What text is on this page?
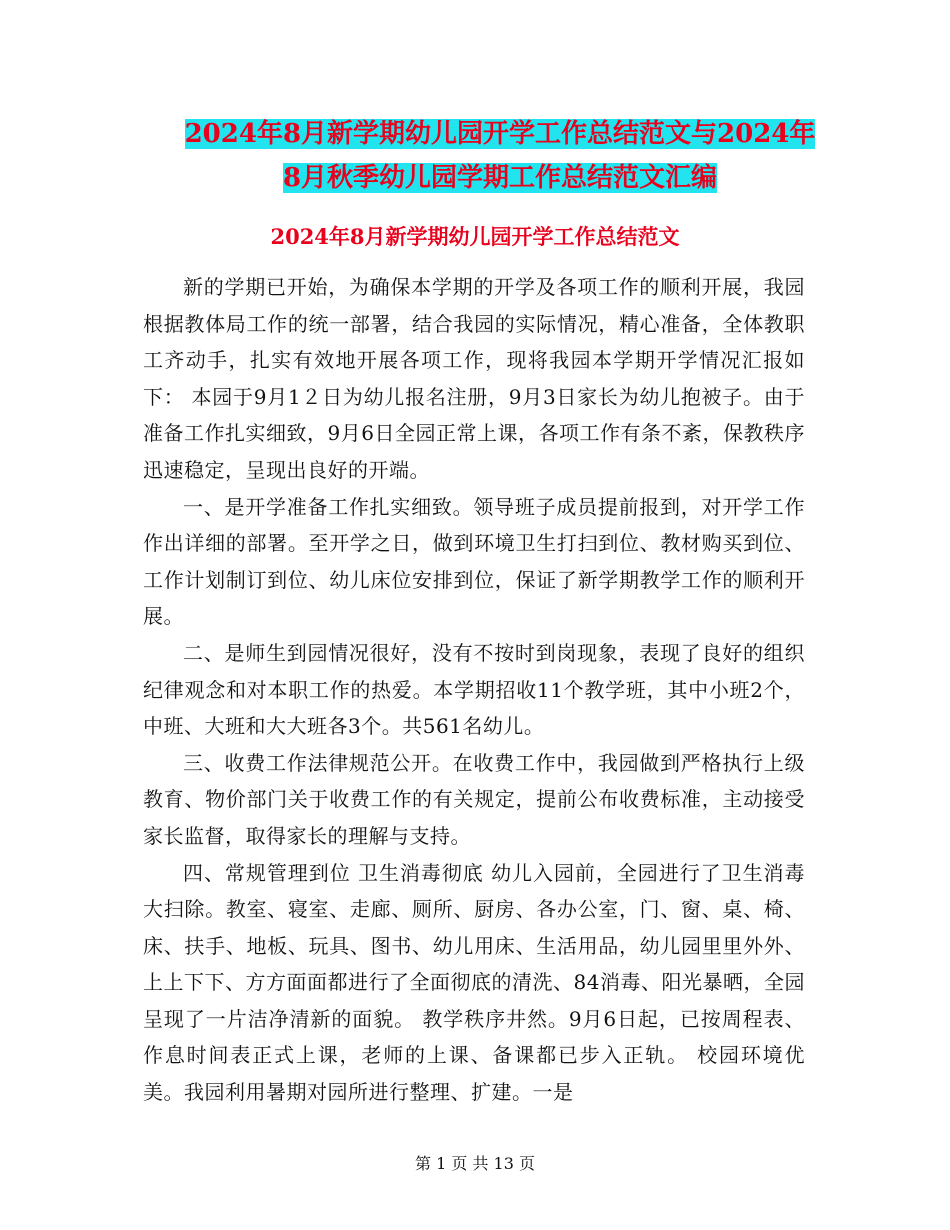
2024年8月新学期幼儿园开学工作总结范文与2024年
8月秋季幼儿园学期工作总结范文汇编
2024年8月新学期幼儿园开学工作总结范文

新的学期已开始，为确保本学期的开学及各项工作的顺利开展，我园根据教体局工作的统一部署，结合我园的实际情况，精心准备，全体教职工齐动手，扎实有效地开展各项工作，现将我园本学期开学情况汇报如下： 本园于9月1２日为幼儿报名注册，9月3日家长为幼儿抱被子。由于准备工作扎实细致，9月6日全园正常上课，各项工作有条不紊，保教秩序迅速稳定，呈现出良好的开端。

一、是开学准备工作扎实细致。领导班子成员提前报到，对开学工作作出详细的部署。至开学之日，做到环境卫生打扫到位、教材购买到位、工作计划制订到位、幼儿床位安排到位，保证了新学期教学工作的顺利开展。

二、是师生到园情况很好，没有不按时到岗现象，表现了良好的组织纪律观念和对本职工作的热爱。本学期招收11个教学班，其中小班2个，中班、大班和大大班各3个。共561名幼儿。

三、收费工作法律规范公开。在收费工作中，我园做到严格执行上级教育、物价部门关于收费工作的有关规定，提前公布收费标准，主动接受家长监督，取得家长的理解与支持。

四、常规管理到位 卫生消毒彻底 幼儿入园前，全园进行了卫生消毒大扫除。教室、寝室、走廊、厕所、厨房、各办公室，门、窗、桌、椅、床、扶手、地板、玩具、图书、幼儿用床、生活用品，幼儿园里里外外、上上下下、方方面面都进行了全面彻底的清洗、84消毒、阳光暴晒，全园呈现了一片洁净清新的面貌。 教学秩序井然。9月6日起，已按周程表、作息时间表正式上课，老师的上课、备课都已步入正轨。 校园环境优美。我园利用暑期对园所进行整理、扩建。一是

第 1 页 共 13 页
